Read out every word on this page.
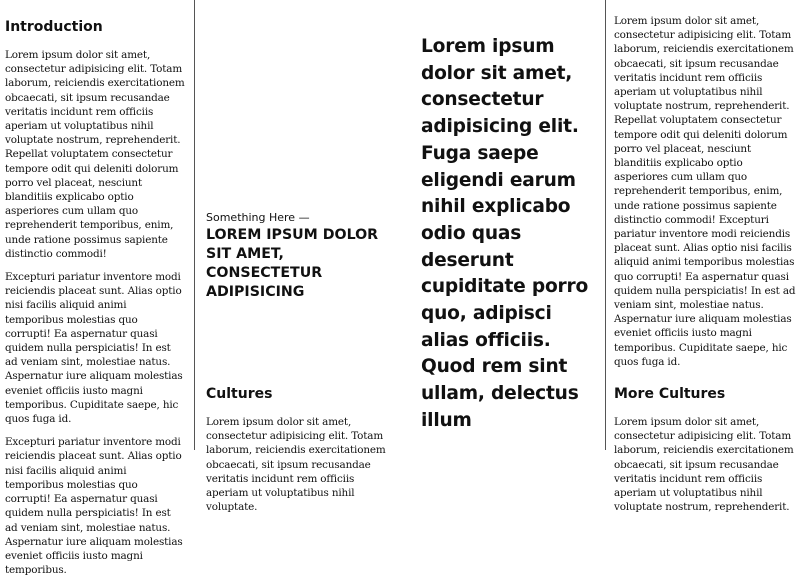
Introduction

Lorem ipsum dolor sit amet, consectetur adipisicing elit. Totam laborum, reiciendis exercitationem obcaecati, sit ipsum recusandae veritatis incidunt rem officiis aperiam ut voluptatibus nihil voluptate nostrum, reprehenderit. Repellat voluptatem consectetur tempore odit qui deleniti dolorum porro vel placeat, nesciunt blanditiis explicabo optio asperiores cum ullam quo reprehenderit temporibus, enim, unde ratione possimus sapiente distinctio commodi!

Excepturi pariatur inventore modi reiciendis placeat sunt. Alias optio nisi facilis aliquid animi temporibus molestias quo corrupti! Ea aspernatur quasi quidem nulla perspiciatis! In est ad veniam sint, molestiae natus. Aspernatur iure aliquam molestias eveniet officiis iusto magni temporibus. Cupiditate saepe, hic quos fuga id.

Excepturi pariatur inventore modi reiciendis placeat sunt. Alias optio nisi facilis aliquid animi temporibus molestias quo corrupti! Ea aspernatur quasi quidem nulla perspiciatis! In est ad veniam sint, molestiae natus. Aspernatur iure aliquam molestias eveniet officiis iusto magni temporibus.

Something Here —
LOREM IPSUM DOLOR SIT AMET, CONSECTETUR ADIPISICING
Cultures

Lorem ipsum dolor sit amet, consectetur adipisicing elit. Totam laborum, reiciendis exercitationem obcaecati, sit ipsum recusandae veritatis incidunt rem officiis aperiam ut voluptatibus nihil voluptate.

Lorem ipsum dolor sit amet, consectetur adipisicing elit. Fuga saepe eligendi earum nihil explicabo odio quas deserunt cupiditate porro quo, adipisci alias officiis. Quod rem sint ullam, delectus illum

Lorem ipsum dolor sit amet, consectetur adipisicing elit. Totam laborum, reiciendis exercitationem obcaecati, sit ipsum recusandae veritatis incidunt rem officiis aperiam ut voluptatibus nihil voluptate nostrum, reprehenderit. Repellat voluptatem consectetur tempore odit qui deleniti dolorum porro vel placeat, nesciunt blanditiis explicabo optio asperiores cum ullam quo reprehenderit temporibus, enim, unde ratione possimus sapiente distinctio commodi! Excepturi pariatur inventore modi reiciendis placeat sunt. Alias optio nisi facilis aliquid animi temporibus molestias quo corrupti! Ea aspernatur quasi quidem nulla perspiciatis! In est ad veniam sint, molestiae natus. Aspernatur iure aliquam molestias eveniet officiis iusto magni temporibus. Cupiditate saepe, hic quos fuga id.

More Cultures

Lorem ipsum dolor sit amet, consectetur adipisicing elit. Totam laborum, reiciendis exercitationem obcaecati, sit ipsum recusandae veritatis incidunt rem officiis aperiam ut voluptatibus nihil voluptate nostrum, reprehenderit.
